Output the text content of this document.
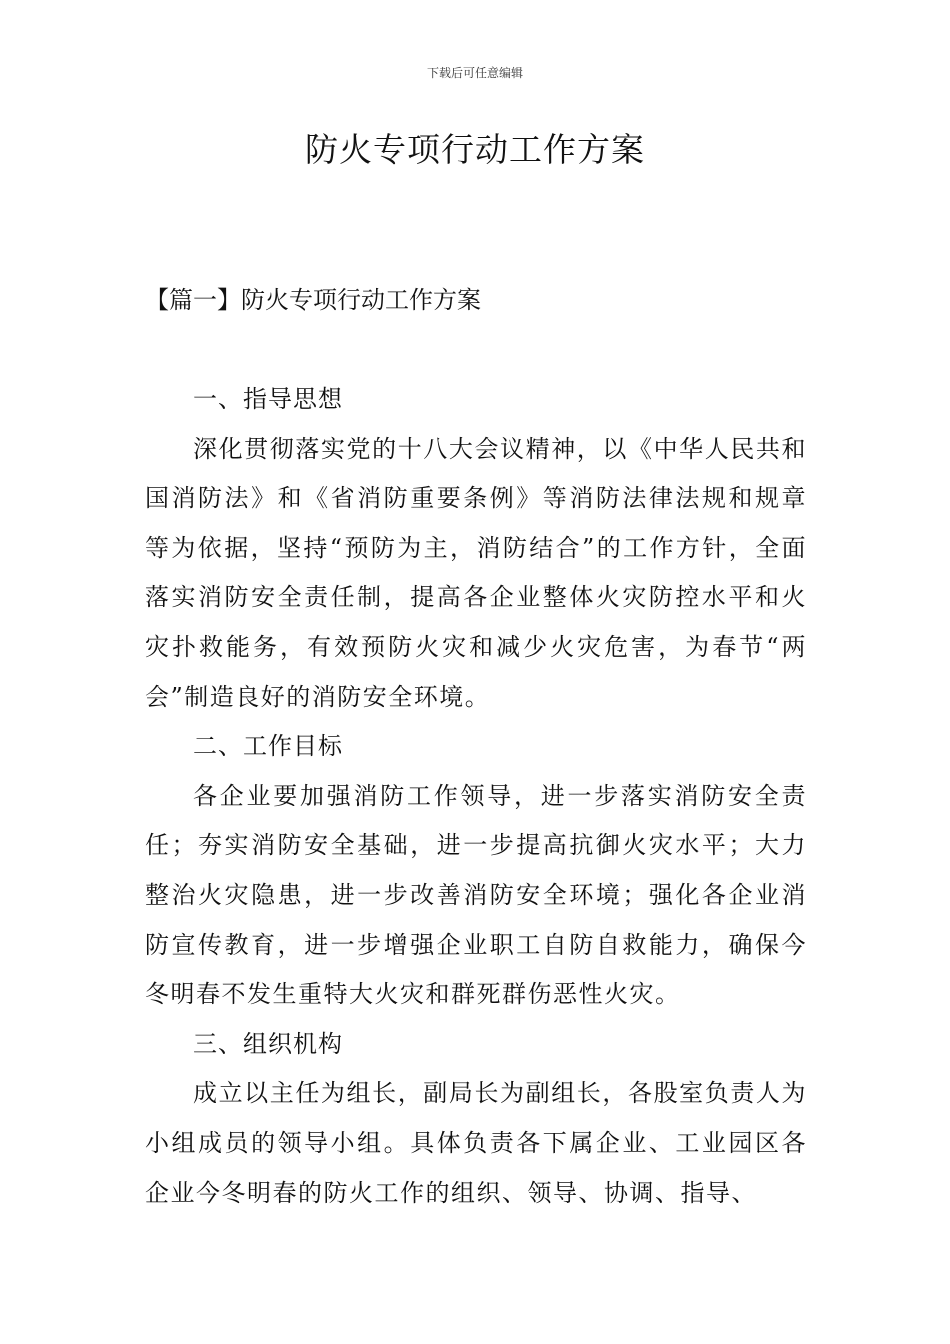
下载后可任意编辑
防火专项行动工作方案
【篇一】防火专项行动工作方案

一、指导思想

深化贯彻落实党的十八大会议精神，以《中华人民共和国消防法》和《省消防重要条例》等消防法律法规和规章等为依据，坚持“预防为主，消防结合”的工作方针，全面落实消防安全责任制，提高各企业整体火灾防控水平和火灾扑救能务，有效预防火灾和减少火灾危害，为春节“两会”制造良好的消防安全环境。

二、工作目标

各企业要加强消防工作领导，进一步落实消防安全责任；夯实消防安全基础，进一步提高抗御火灾水平；大力整治火灾隐患，进一步改善消防安全环境；强化各企业消防宣传教育，进一步增强企业职工自防自救能力，确保今冬明春不发生重特大火灾和群死群伤恶性火灾。

三、组织机构

成立以主任为组长，副局长为副组长，各股室负责人为小组成员的领导小组。具体负责各下属企业、工业园区各企业今冬明春的防火工作的组织、领导、协调、指导、
